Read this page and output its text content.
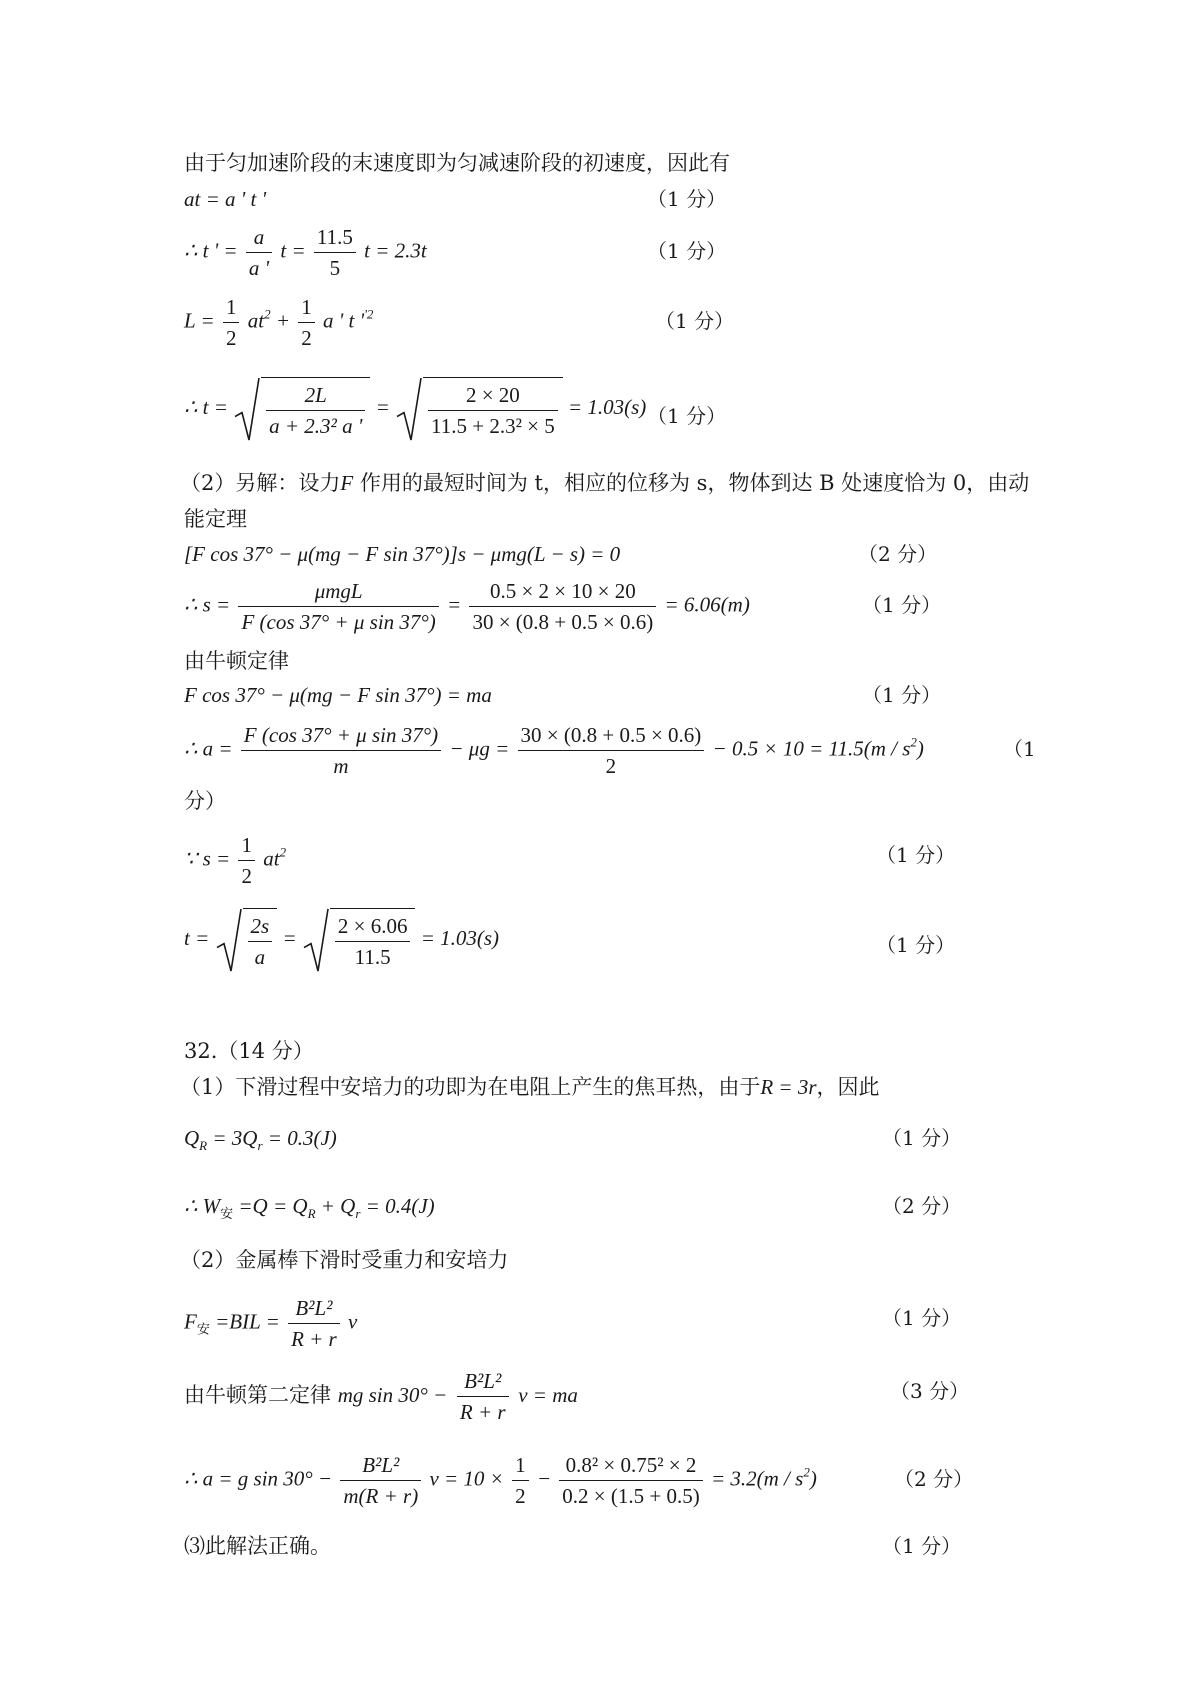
由于匀加速阶段的末速度即为匀减速阶段的初速度，因此有
at = a ' t '	（1 分）
∴ t ' = $\frac{a}{a '}$ $t = \frac{11.5}{5}$ t = 2.3t	（1 分）
$L = \frac{1}{2} at^2 + \frac{1}{2}$ a ' t '$^{'2}$	（1 分）
∴ $t = \frac{2L}{\text{a + 2.3² a '}} = \frac{2 \times 20}{\text{11.5 + 2.3² × 5}} = 1.03(s)$ （1 分）
（2）另解：设力F 作用的最短时间为 t，相应的位移为 s，物体到达 B 处速度恰为 0，由动
能定理
[F cos 37° − μ(mg − F sin 37°)]s − μmg(L − s) = 0	（2 分）
∴ $s = \frac{\text{μmgL}}{\text{F (cos 37° + μ sin 37°)}} = \frac{0.5 \times 2 \times 10 \times 20}{30 \times (0.8 + 0.5 \times 0.6)} = 6.06(m)$	（1 分）
由牛顿定律
F cos 37° − μ(mg − F sin 37°) = ma	（1 分）
∴ $a = \frac{\text{F (cos 37° + μ sin 37°)}}{m} - \mu g = \frac{30 \times (0.8 + 0.5 \times 0.6)}{2} - 0.5 \times 10 = 11.5(m / s^2)$	（1
分）
∵ $s = \frac{1}{2} at^2$	（1 分）
$t = \frac{2s}{a} = \frac{2 \times 6.06}{11.5} = 1.03(s)$	（1 分）
32.（14 分）
（1）下滑过程中安培力的功即为在电阻上产生的焦耳热，由于R = 3r，因此
$Q_R = 3Q_r = 0.3(J)$	（1 分）
∴ $W_安 =Q = Q_R + Q_r = 0.4(J)$	（2 分）
（2）金属棒下滑时受重力和安培力
$F_安 =BIL = \frac{\text{B²L²}}{R + r}$ v	（1 分）
由牛顿第二定律 mg $\sin 30^\circ - \frac{\text{B²L²}}{R + r}$ v = ma	（3 分）
∴ a = g $\sin 30^\circ - \frac{\text{B²L²}}{m(R + r)}$ $v = 10 \times \frac{1}{2} - \frac{\text{0.8² × 0.75² × 2}}{0.2 \times (1.5 + 0.5)} = 3.2(m / s^2)$	（2 分）
⑶此解法正确。	（1 分）
